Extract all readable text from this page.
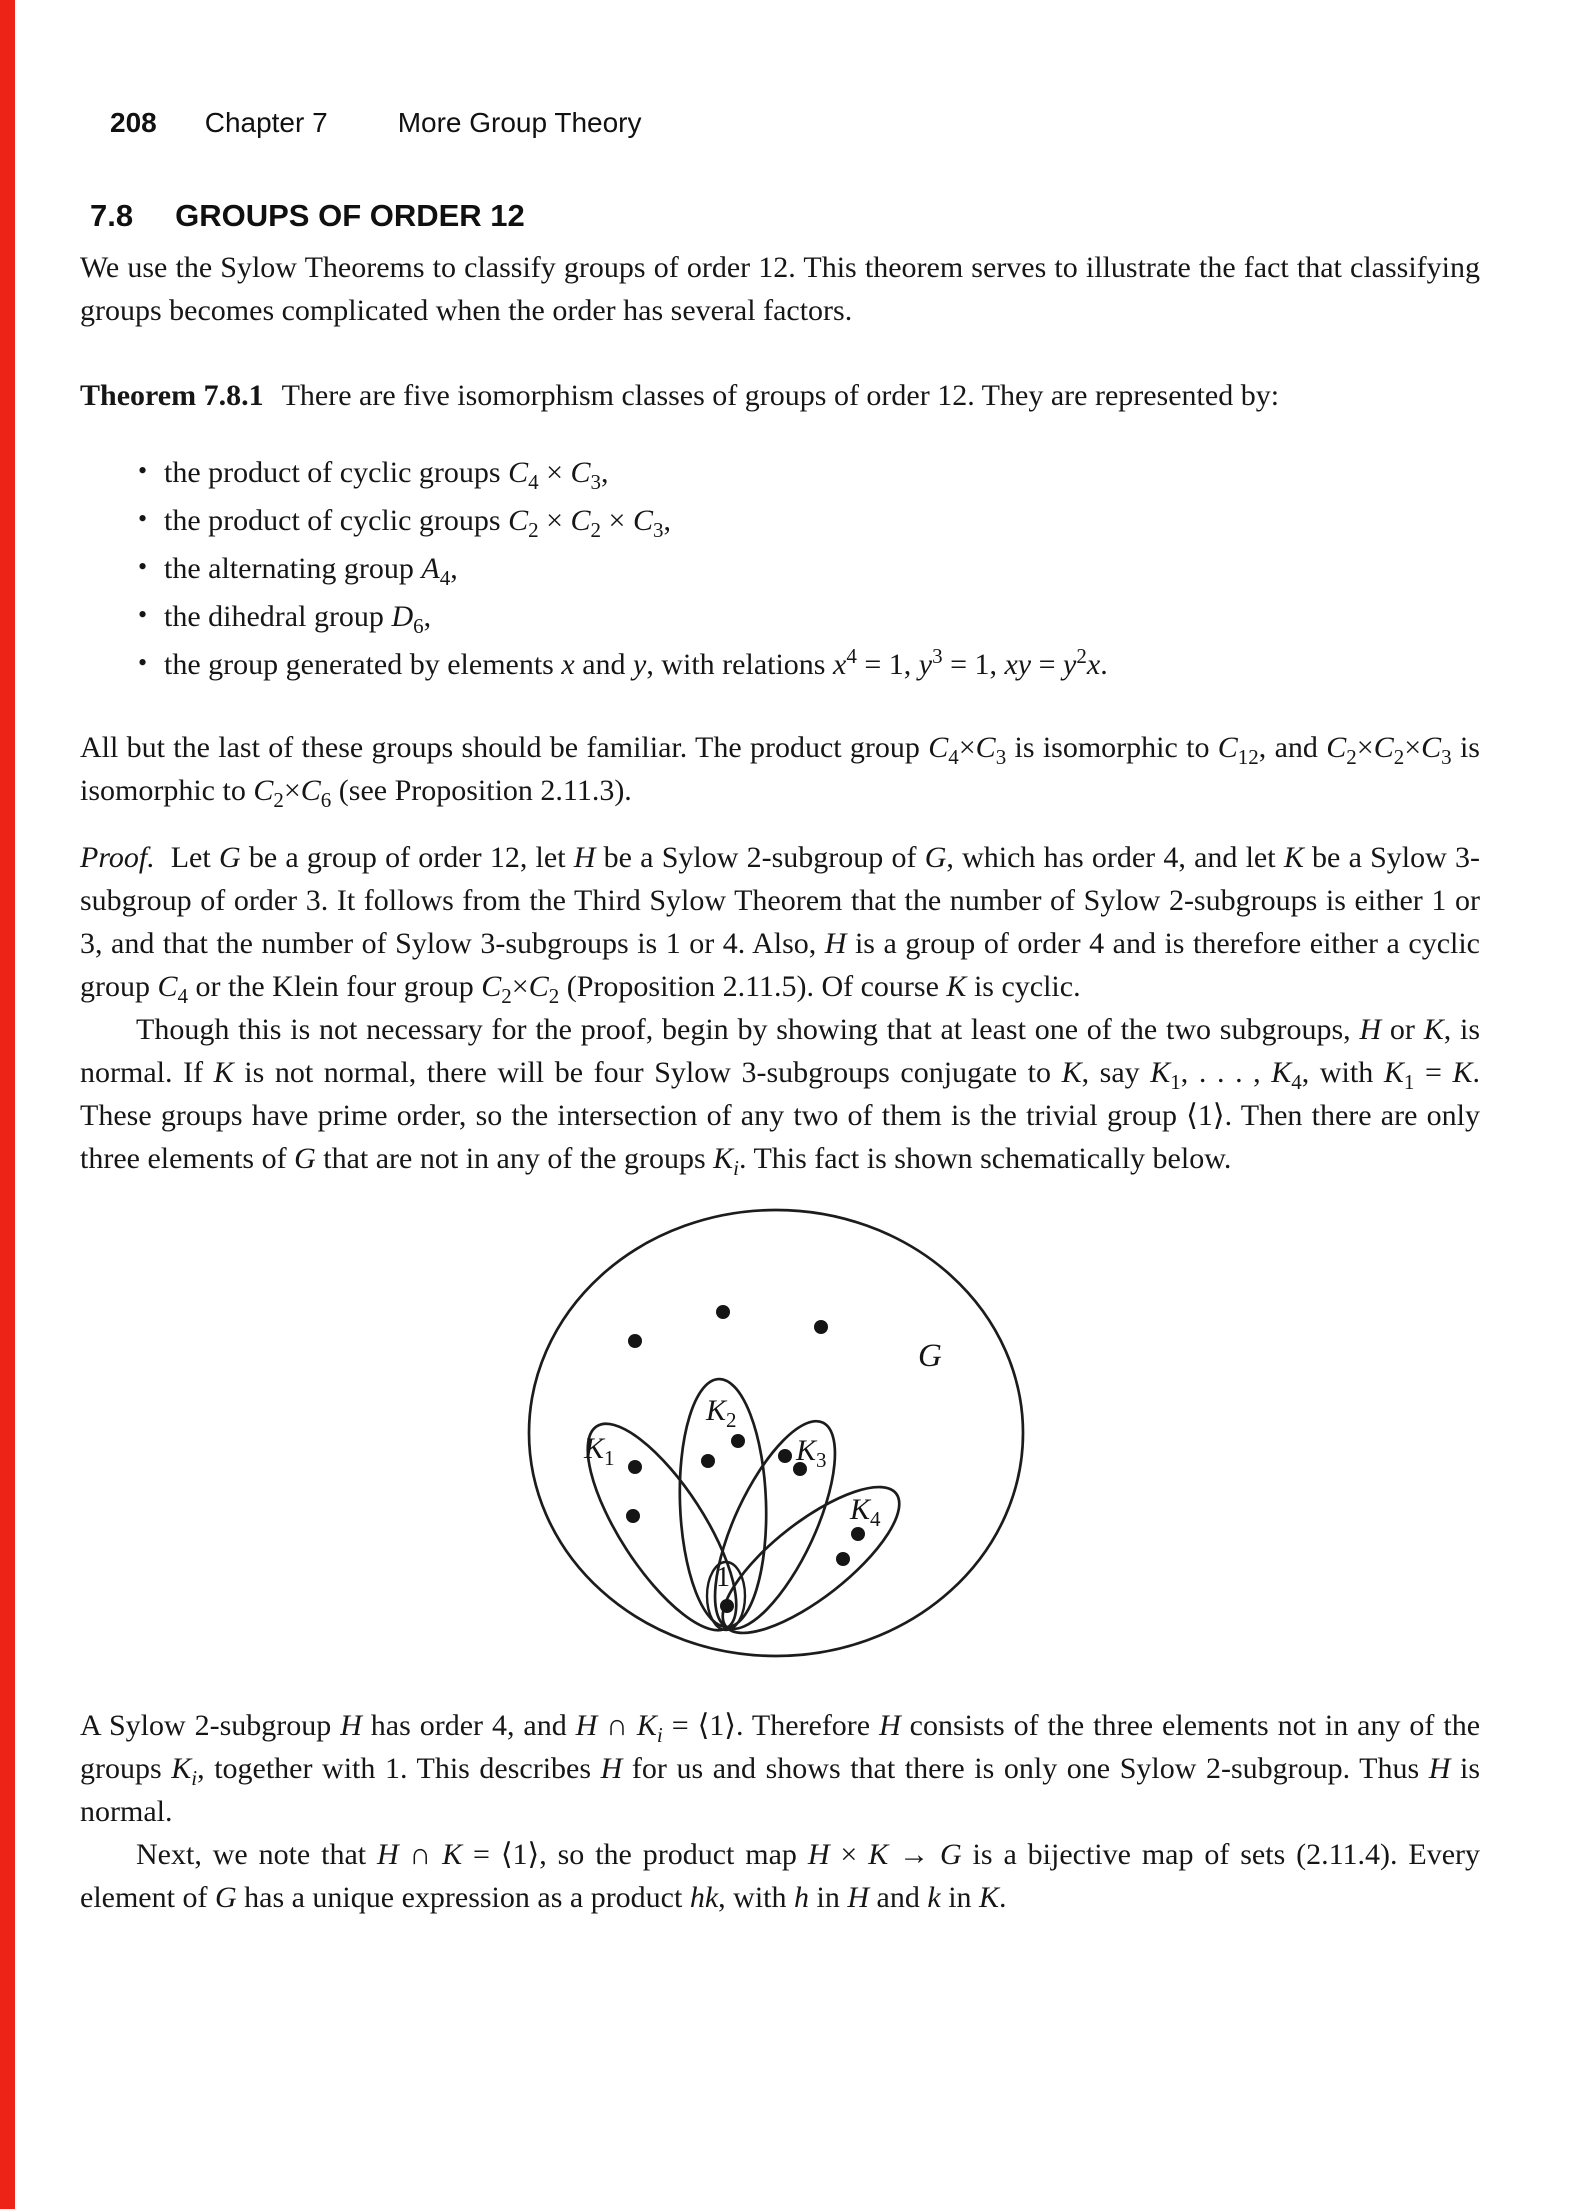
208 Chapter 7	More Group Theory
7.8 GROUPS OF ORDER 12

We use the Sylow Theorems to classify groups of order 12. This theorem serves to illustrate the fact that classifying groups becomes complicated when the order has several factors.

Theorem 7.8.1 There are five isomorphism classes of groups of order 12. They are represented by:

• the product of cyclic groups $C_4 \times C_3$,
• the product of cyclic groups $C_2 \times C_2 \times C_3$,
• the alternating group $A_4$,
• the dihedral group $D_6$,
• the group generated by elements x and y, with relations $x^4 = 1$, $y^3 = 1$, xy = $y^2x$.

All but the last of these groups should be familiar. The product group $C_4\times C_3$ is isomorphic to $C_{12}$, and $C_2\times C_2\times C_3$ is isomorphic to $C_2\times C_6$ (see Proposition 2.11.3).

Proof. Let G be a group of order 12, let H be a Sylow 2-subgroup of G, which has order 4, and let K be a Sylow 3-subgroup of order 3. It follows from the Third Sylow Theorem that the number of Sylow 2-subgroups is either 1 or 3, and that the number of Sylow 3-subgroups is 1 or 4. Also, H is a group of order 4 and is therefore either a cyclic group $C_4$ or the Klein four group $C_2\times C_2$ (Proposition 2.11.5). Of course K is cyclic.

Though this is not necessary for the proof, begin by showing that at least one of the two subgroups, H or K, is normal. If K is not normal, there will be four Sylow 3-subgroups conjugate to K, say $K_1$, . . . , $K_4$, with $K_1 = K$. These groups have prime order, so the intersection of any two of them is the trivial group ⟨1⟩. Then there are only three elements of G that are not in any of the groups $K_i$. This fact is shown schematically below.

G
$K_1$
$K_2$
$K_3$
$K_4$
1

A Sylow 2-subgroup H has order 4, and H ∩ $K_i$ = ⟨1⟩. Therefore H consists of the three elements not in any of the groups $K_i$, together with 1. This describes H for us and shows that there is only one Sylow 2-subgroup. Thus H is normal.

Next, we note that H ∩ K = ⟨1⟩, so the product map H × K → G is a bijective map of sets (2.11.4). Every element of G has a unique expression as a product hk, with h in H and k in K.
